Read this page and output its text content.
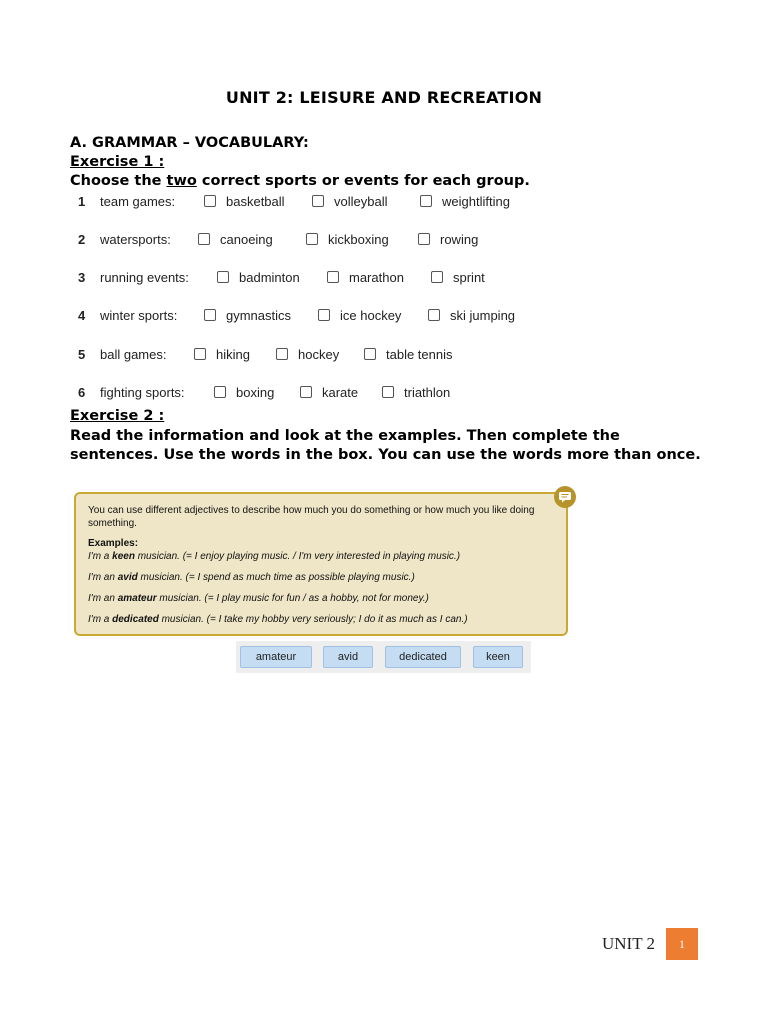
UNIT 2: LEISURE AND RECREATION
A. GRAMMAR – VOCABULARY:
Exercise 1 :
Choose the two correct sports or events for each group.
1	team games:	basketball	volleyball	weightlifting
2	watersports:	canoeing	kickboxing	rowing
3	running events:	badminton	marathon	sprint
4	winter sports:	gymnastics	ice hockey	ski jumping
5	ball games:	hiking	hockey	table tennis
6	fighting sports:	boxing	karate	triathlon
Exercise 2 :
Read the information and look at the examples. Then complete the sentences. Use the words in the box. You can use the words more than once.

You can use different adjectives to describe how much you do something or how much you like doing something.

Examples:

I'm a keen musician. (= I enjoy playing music. / I'm very interested in playing music.)

I'm an avid musician. (= I spend as much time as possible playing music.)

I'm an amateur musician. (= I play music for fun / as a hobby, not for money.)

I'm a dedicated musician. (= I take my hobby very seriously; I do it as much as I can.)

amateur	avid	dedicated	keen
UNIT 2	1
